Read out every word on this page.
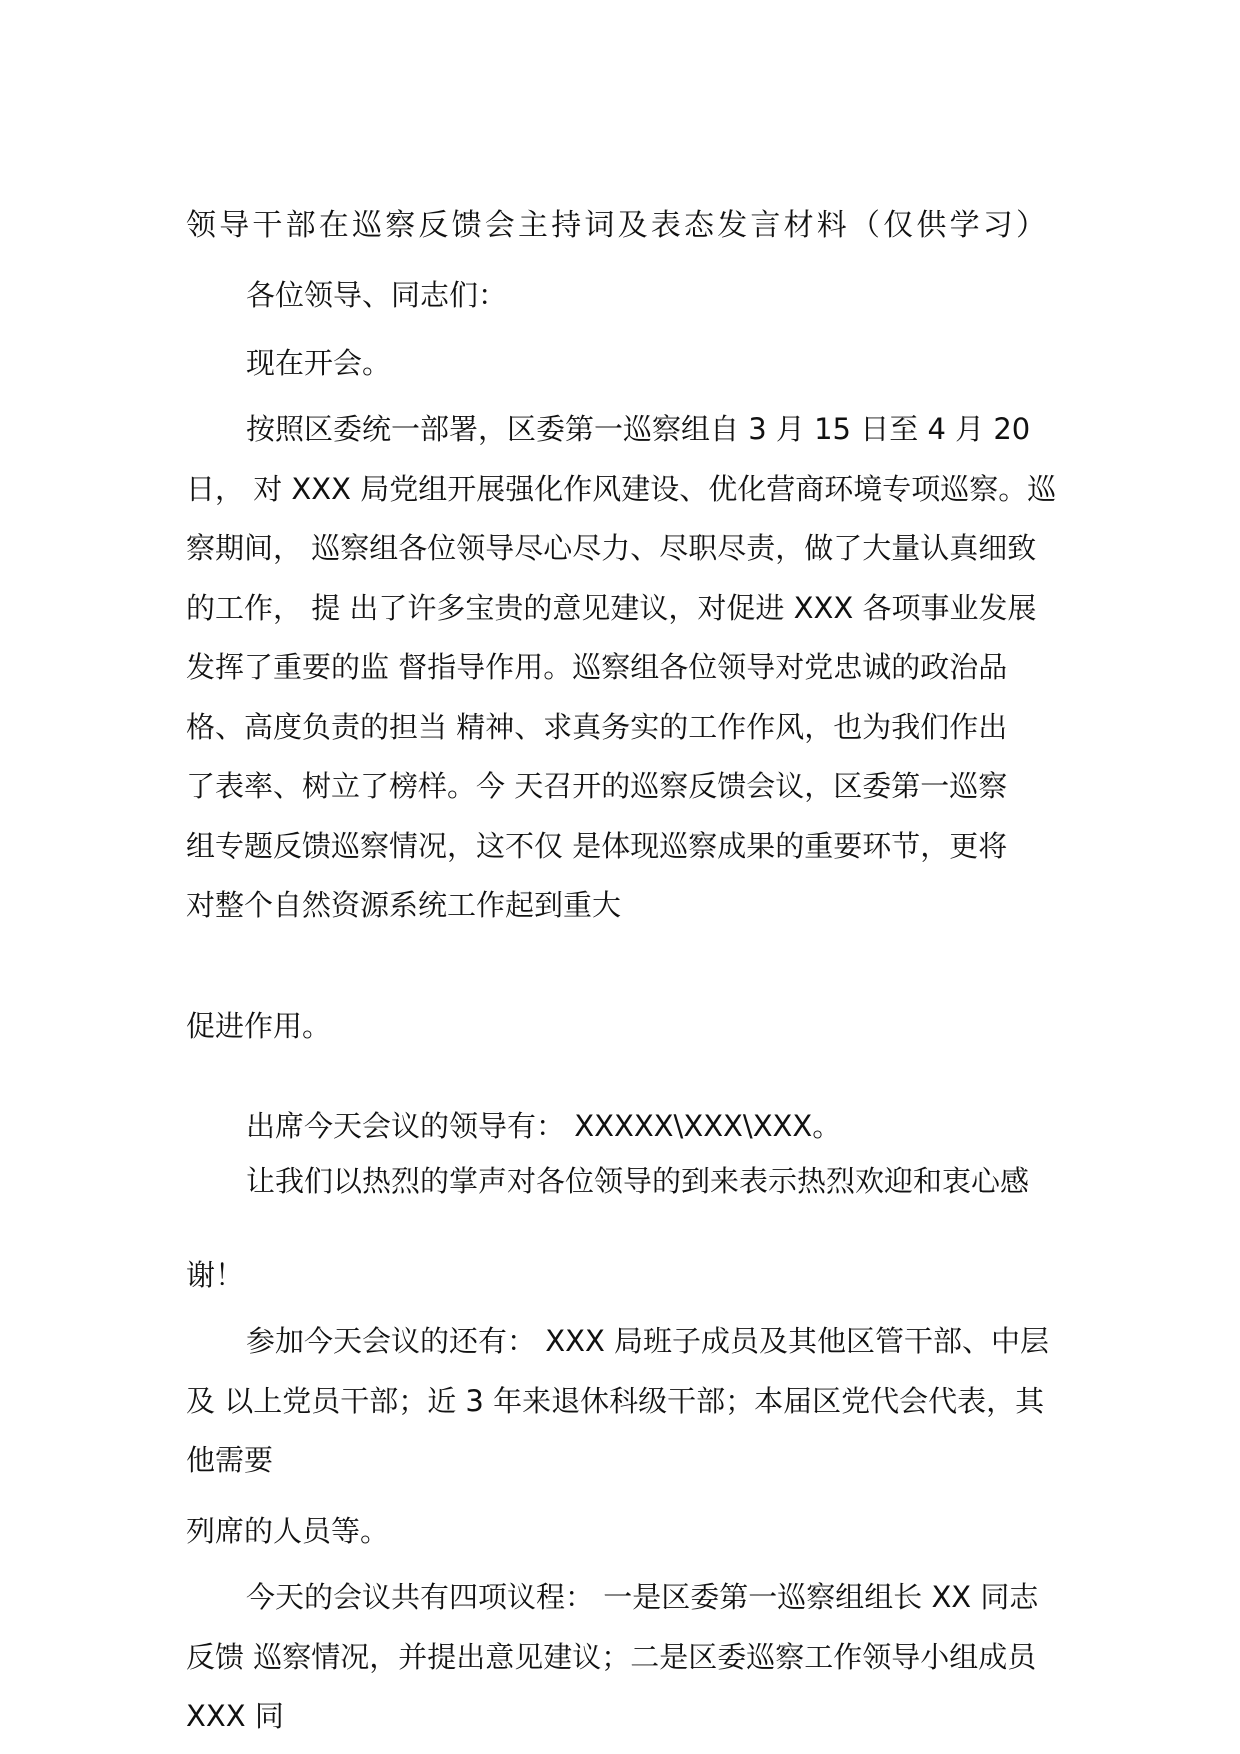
领导干部在巡察反馈会主持词及表态发言材料（仅供学习）
各位领导、同志们：
现在开会。
按照区委统一部署，区委第一巡察组自 3 月 15 日至 4 月 20
日， 对 XXX 局党组开展强化作风建设、优化营商环境专项巡察。巡
察期间， 巡察组各位领导尽心尽力、尽职尽责，做了大量认真细致
的工作， 提 出了许多宝贵的意见建议，对促进 XXX 各项事业发展
发挥了重要的监 督指导作用。巡察组各位领导对党忠诚的政治品
格、高度负责的担当 精神、求真务实的工作作风，也为我们作出
了表率、树立了榜样。今 天召开的巡察反馈会议，区委第一巡察
组专题反馈巡察情况，这不仅 是体现巡察成果的重要环节，更将
对整个自然资源系统工作起到重大
促进作用。
出席今天会议的领导有： XXXXX\XXX\XXX。
让我们以热烈的掌声对各位领导的到来表示热烈欢迎和衷心感
谢！
参加今天会议的还有： XXX 局班子成员及其他区管干部、中层
及 以上党员干部；近 3 年来退休科级干部；本届区党代会代表，其
他需要
列席的人员等。
今天的会议共有四项议程： 一是区委第一巡察组组长 XX 同志
反馈 巡察情况，并提出意见建议；二是区委巡察工作领导小组成员
XXX 同
